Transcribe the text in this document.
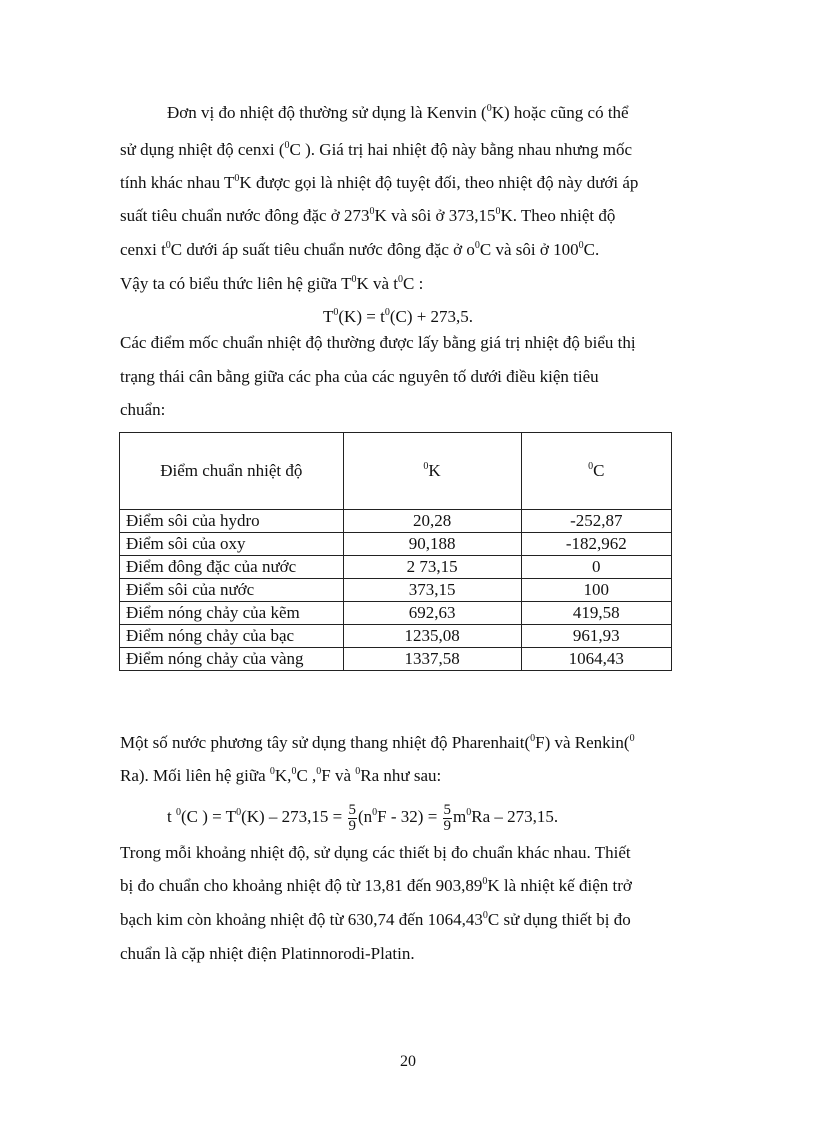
Đơn vị đo nhiệt độ thường sử dụng là Kenvin ($^0$K) hoặc cũng có thể
sử dụng nhiệt độ cenxi ($^0$C ). Giá trị hai nhiệt độ này bằng nhau nhưng mốc
tính khác nhau $T^0K$ được gọi là nhiệt độ tuyệt đối, theo nhiệt độ này dưới áp
suất tiêu chuẩn nước đông đặc ở $273^0K$ và sôi ở 373,15$^0$K. Theo nhiệt độ
cenxi $t^0C$ dưới áp suất tiêu chuẩn nước đông đặc ở $o^0C$ và sôi ở $100^0C$.
Vậy ta có biểu thức liên hệ giữa $T^0K$ và $t^0C$ :
$T^0(K) = t^0(C) + 273,5$.
Các điểm mốc chuẩn nhiệt độ thường được lấy bằng giá trị nhiệt độ biểu thị
trạng thái cân bằng giữa các pha của các nguyên tố dưới điều kiện tiêu
chuẩn:
Điểm chuẩn nhiệt độ	$^0$K	$^0$C
Điểm sôi của hydro	20,28	-252,87
Điểm sôi của oxy	90,188	-182,962
Điểm đông đặc của nước	2 73,15	0
Điểm sôi của nước	373,15	100
Điểm nóng chảy của kẽm	692,63	419,58
Điểm nóng chảy của bạc	1235,08	961,93
Điểm nóng chảy của vàng	1337,58	1064,43
Một số nước phương tây sử dụng thang nhiệt độ Pharenhait($^0$F) và Renkin($^0$
Ra). Mối liên hệ giữa $^0$K,$^0$C ,$^0$F và $^0$Ra như sau:
t $^0$(C ) = $T^0(K) - 273,15 = \frac{5}{9} (n^0F - 32) = \frac{5}{9} m^0Ra - 273,15$.
Trong mỗi khoảng nhiệt độ, sử dụng các thiết bị đo chuẩn khác nhau. Thiết
bị đo chuẩn cho khoảng nhiệt độ từ 13,81 đến 903,89$^0$K là nhiệt kế điện trở
bạch kim còn khoảng nhiệt độ từ 630,74 đến 1064,43$^0$C sử dụng thiết bị đo
chuẩn là cặp nhiệt điện Platinnorodi-Platin.
20
